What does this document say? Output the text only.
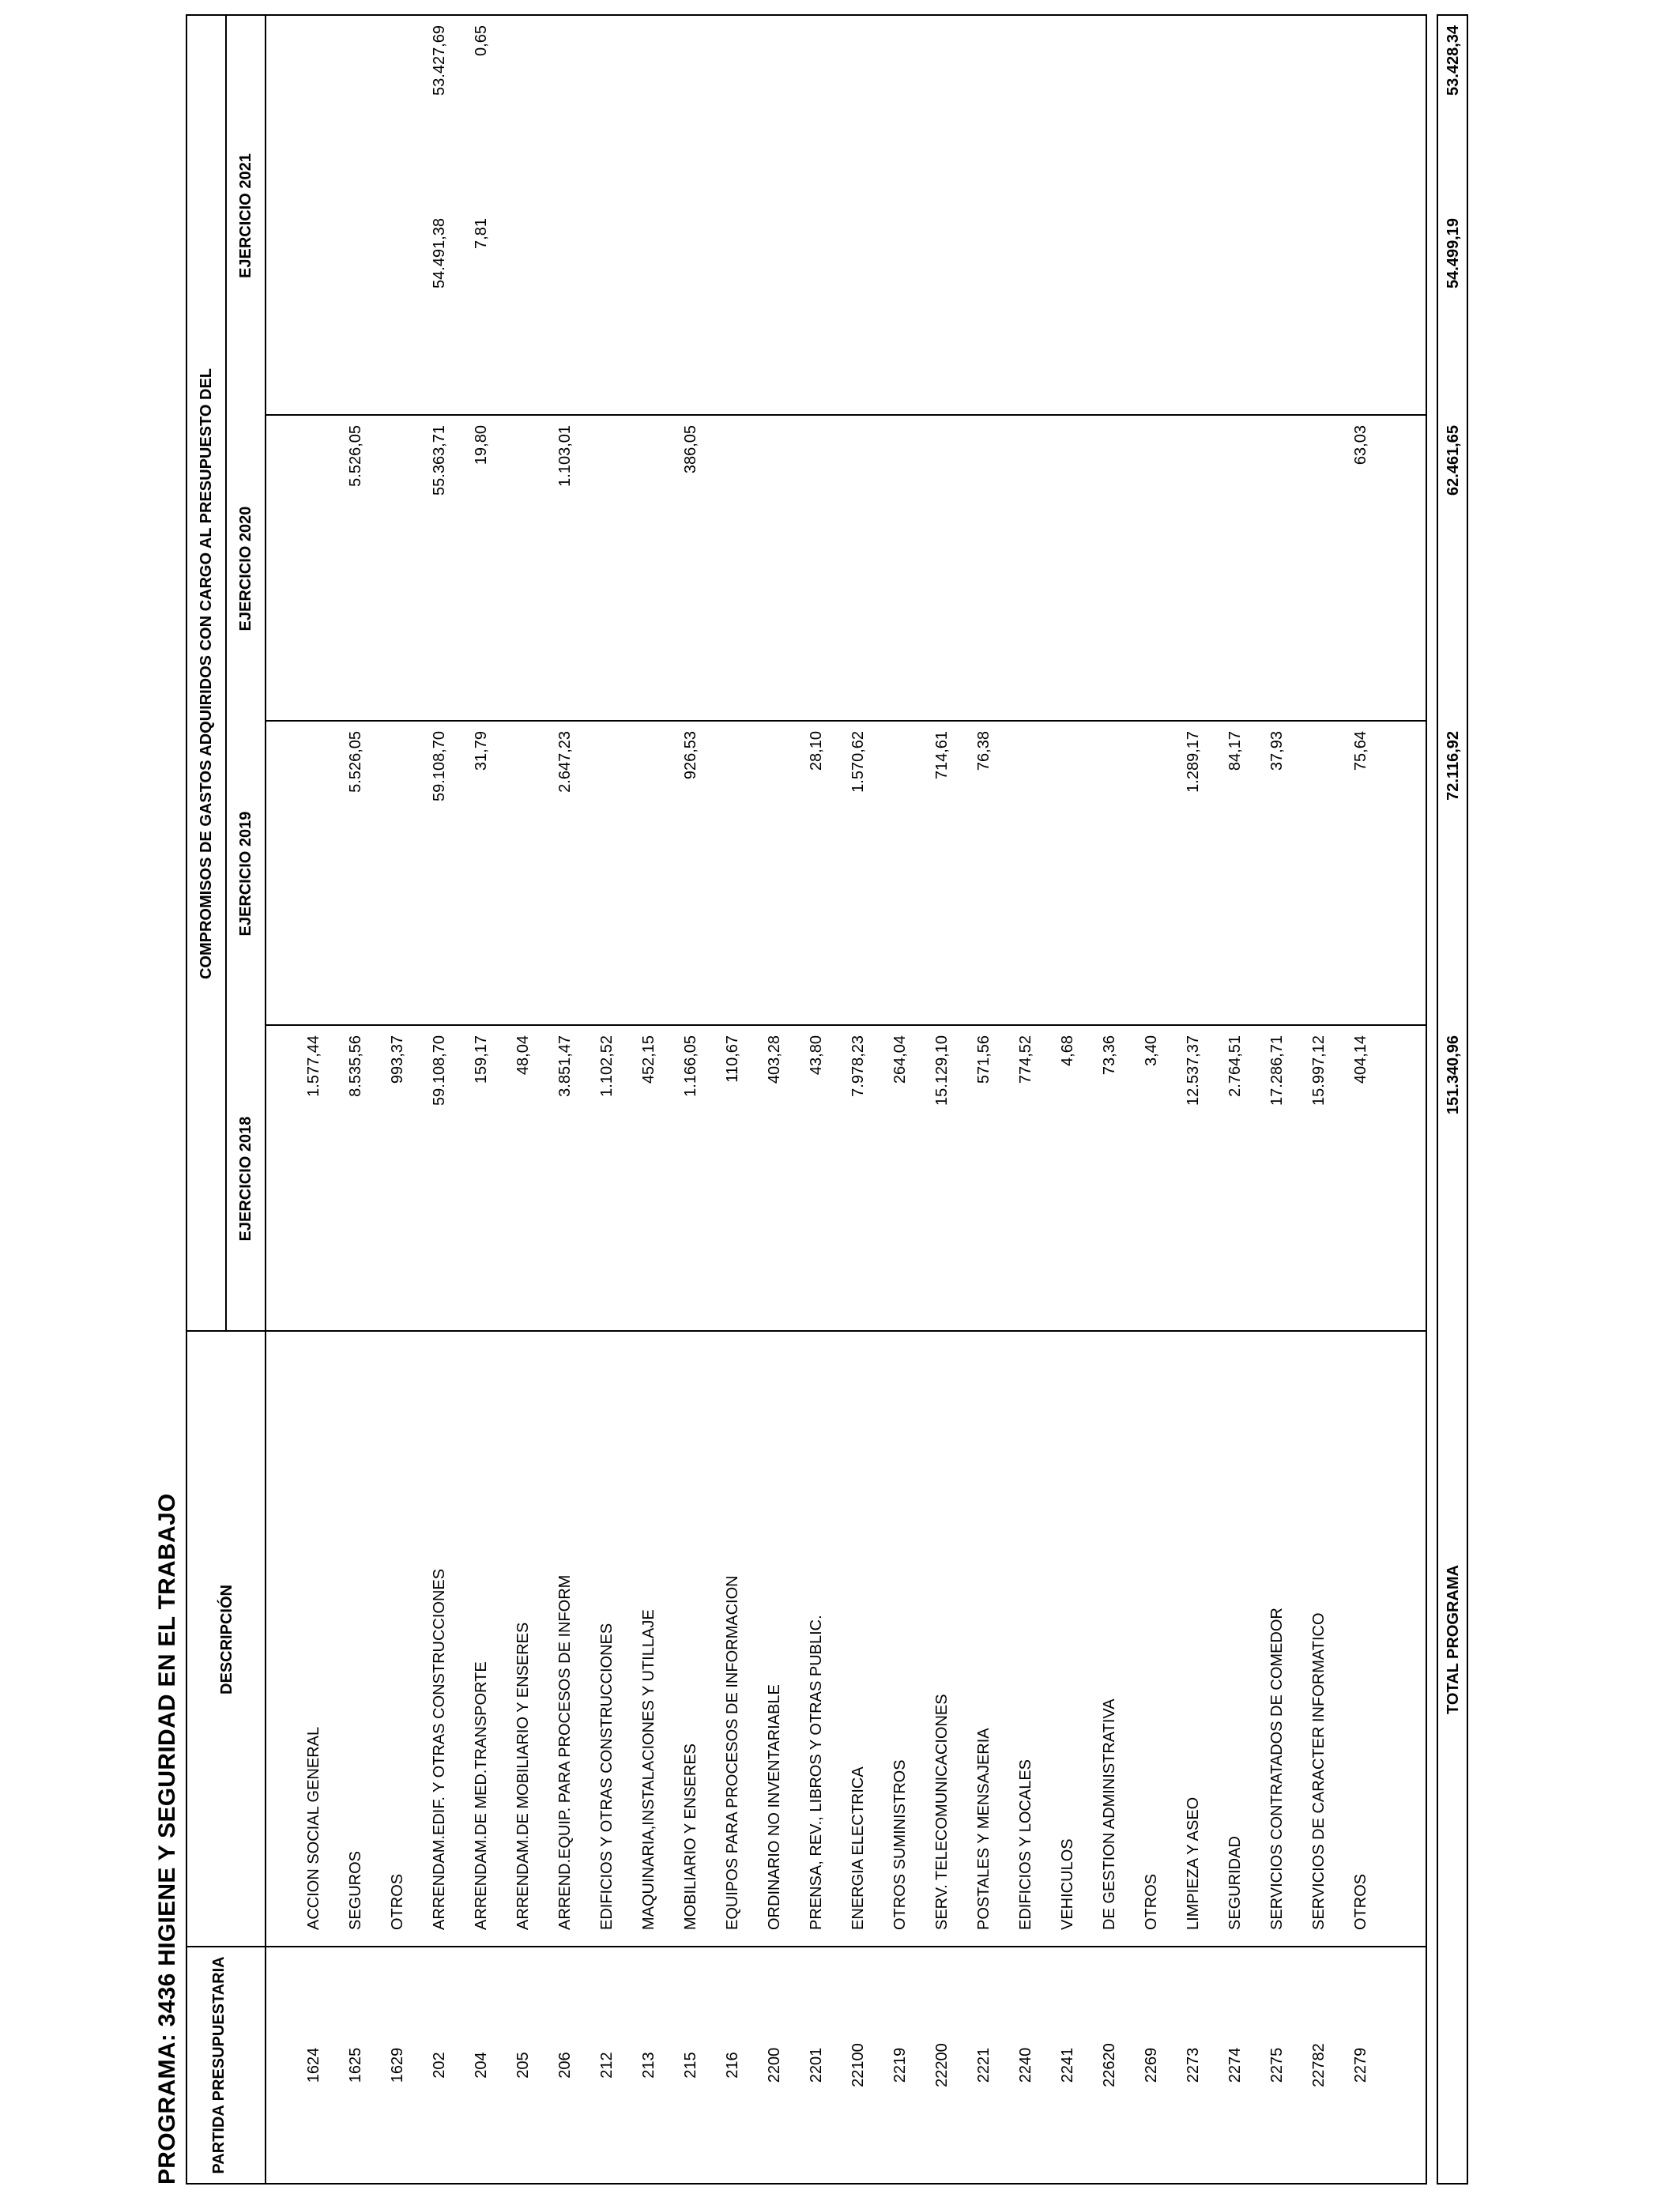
PROGRAMA: 3436 HIGIENE Y SEGURIDAD EN EL TRABAJO PARTIDA PRESUPUESTARIA
DESCRIPCIÓN
COMPROMISOS DE GASTOS ADQUIRIDOS CON CARGO AL PRESUPUESTO DEL
EJERCICIO 2018
EJERCICIO 2019
EJERCICIO 2020
EJERCICIO 2021
1624
ACCION SOCIAL GENERAL
1.577,44
1625
SEGUROS
8.535,56
5.526,05
5.526,05
1629
OTROS
993,37
202
ARRENDAM.EDIF. Y OTRAS CONSTRUCCIONES
59.108,70
59.108,70
55.363,71
54.491,38
53.427,69
204
ARRENDAM.DE MED.TRANSPORTE
159,17
31,79
19,80
7,81
0,65
205
ARRENDAM.DE MOBILIARIO Y ENSERES
48,04
206
ARREND.EQUIP. PARA PROCESOS DE INFORM
3.851,47
2.647,23
1.103,01
212
EDIFICIOS Y OTRAS CONSTRUCCIONES
1.102,52
213
MAQUINARIA,INSTALACIONES Y UTILLAJE
452,15
215
MOBILIARIO Y ENSERES
1.166,05
926,53
386,05
216
EQUIPOS PARA PROCESOS DE INFORMACION
110,67
2200
ORDINARIO NO INVENTARIABLE
403,28
2201
PRENSA, REV., LIBROS Y OTRAS PUBLIC.
43,80
28,10
22100
ENERGIA ELECTRICA
7.978,23
1.570,62
2219
OTROS SUMINISTROS
264,04
22200
SERV. TELECOMUNICACIONES
15.129,10
714,61
2221
POSTALES Y MENSAJERIA
571,56
76,38
2240
EDIFICIOS Y LOCALES
774,52
2241
VEHICULOS
4,68
22620
DE GESTION ADMINISTRATIVA
73,36
2269
OTROS
3,40
2273
LIMPIEZA Y ASEO
12.537,37
1.289,17
2274
SEGURIDAD
2.764,51
84,17
2275
SERVICIOS CONTRATADOS DE COMEDOR
17.286,71
37,93
22782
SERVICIOS DE CARACTER INFORMATICO
15.997,12
2279
OTROS
404,14
75,64
63,03
TOTAL PROGRAMA
151.340,96
72.116,92
62.461,65
54.499,19
53.428,34
